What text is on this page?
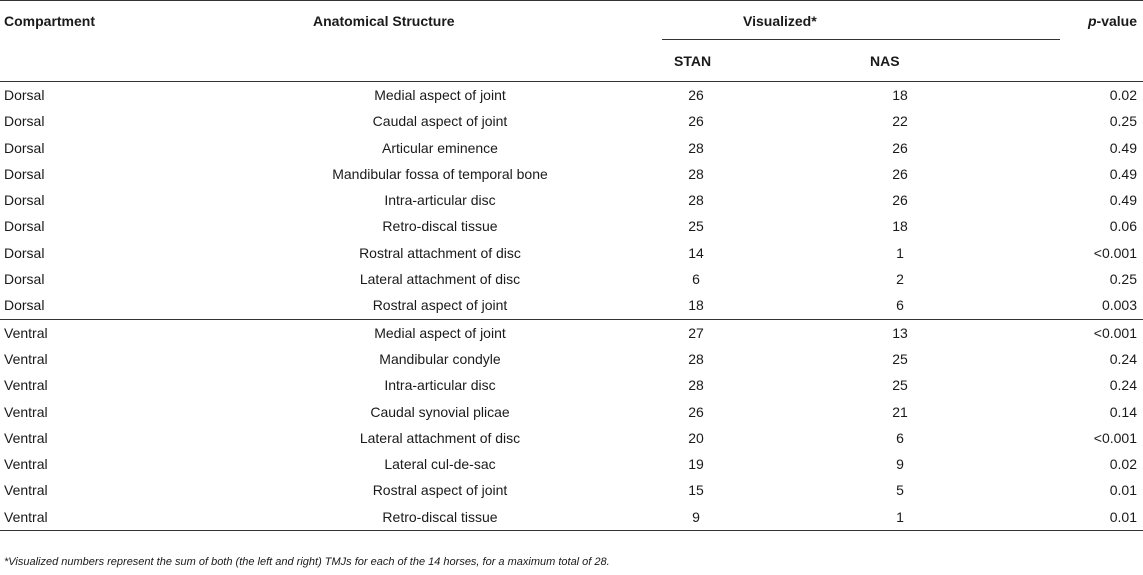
Compartment	Anatomical Structure	Visualized*	p-value
STAN	NAS
Dorsal	Medial aspect of joint	26	18	0.02
Dorsal	Caudal aspect of joint	26	22	0.25
Dorsal	Articular eminence	28	26	0.49
Dorsal	Mandibular fossa of temporal bone	28	26	0.49
Dorsal	Intra-articular disc	28	26	0.49
Dorsal	Retro-discal tissue	25	18	0.06
Dorsal	Rostral attachment of disc	14	1	<0.001
Dorsal	Lateral attachment of disc	6	2	0.25
Dorsal	Rostral aspect of joint	18	6	0.003
Ventral	Medial aspect of joint	27	13	<0.001
Ventral	Mandibular condyle	28	25	0.24
Ventral	Intra-articular disc	28	25	0.24
Ventral	Caudal synovial plicae	26	21	0.14
Ventral	Lateral attachment of disc	20	6	<0.001
Ventral	Lateral cul-de-sac	19	9	0.02
Ventral	Rostral aspect of joint	15	5	0.01
Ventral	Retro-discal tissue	9	1	0.01
*Visualized numbers represent the sum of both (the left and right) TMJs for each of the 14 horses, for a maximum total of 28.
